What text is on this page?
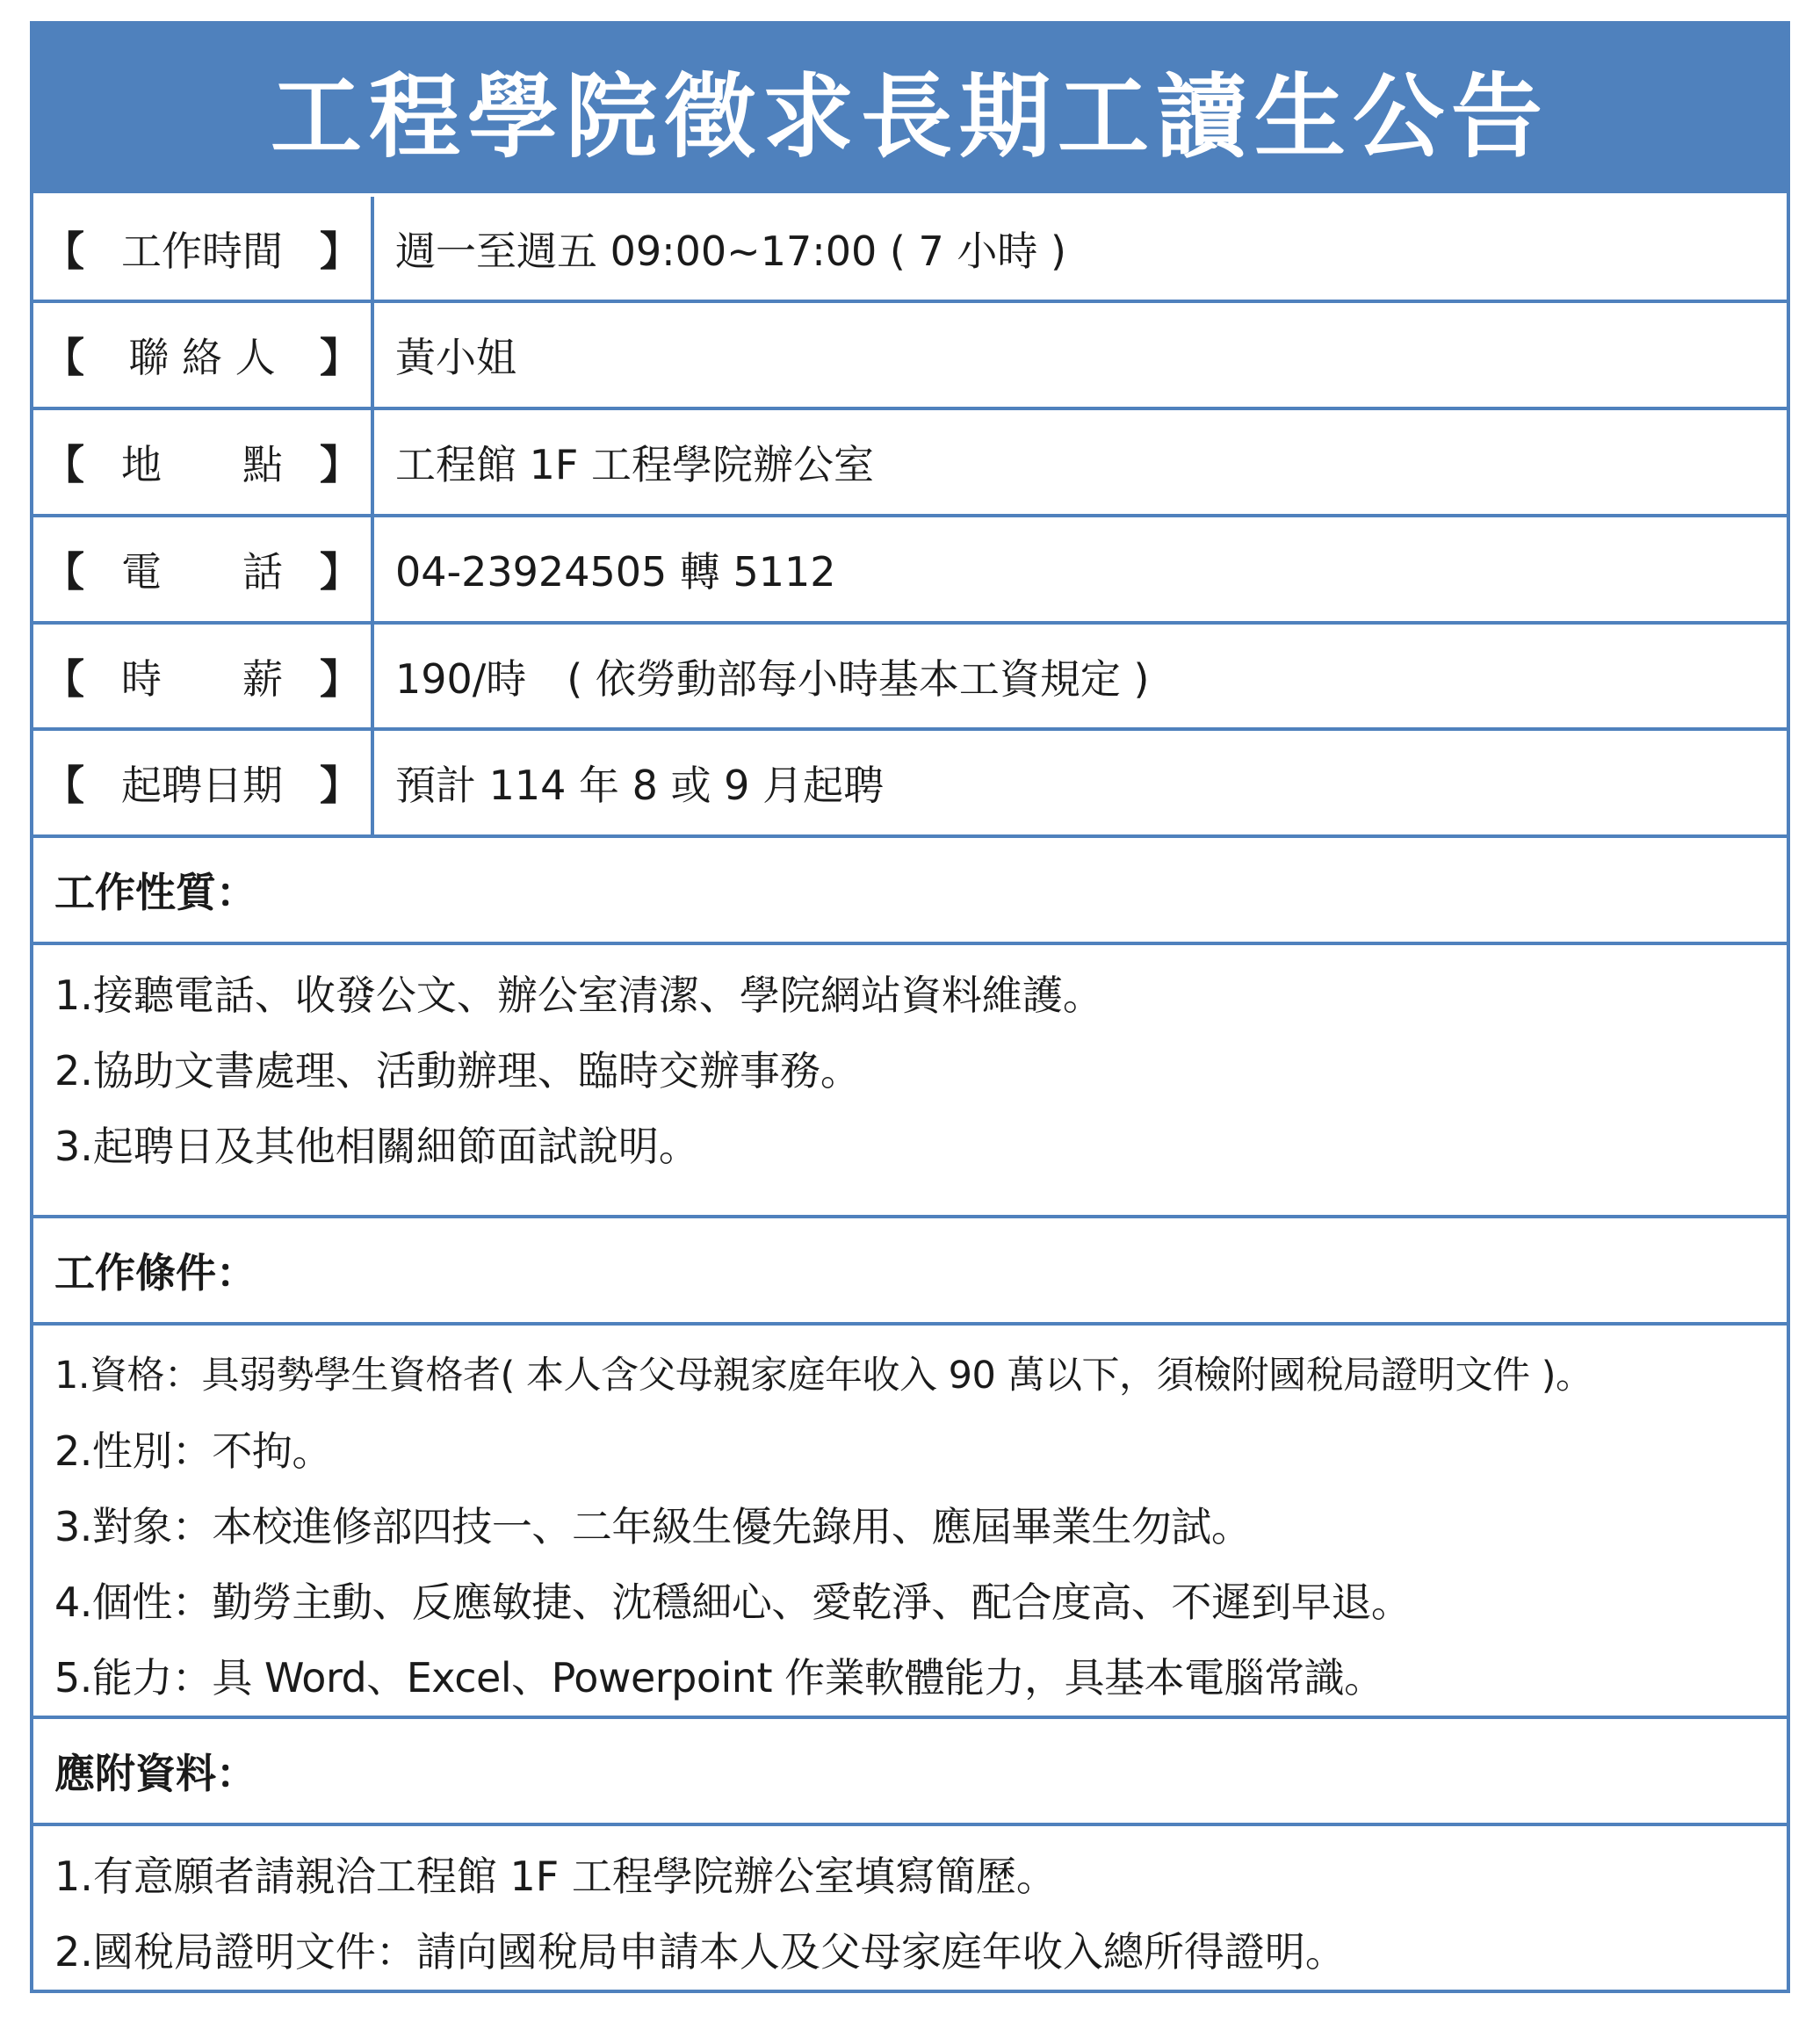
工程學院徵求長期工讀生公告
【 工作時間 】 週一至週五 09:00~17:00 ( 7 小時 )
【	聯 絡 人	】 黃小姐
【 地　　點 】 工程館 1F 工程學院辦公室
【 電　　話 】 04-23924505 轉 5112
【 時　　薪 】 190/時　( 依勞動部每小時基本工資規定 )
【 起聘日期 】 預計 114 年 8 或 9 月起聘
工作性質：
1.接聽電話、收發公文、辦公室清潔、學院網站資料維護。
2.協助文書處理、活動辦理、臨時交辦事務。
3.起聘日及其他相關細節面試說明。
工作條件：
1.資格：具弱勢學生資格者( 本人含父母親家庭年收入 90 萬以下，須檢附國稅局證明文件 )。
2.性別：不拘。
3.對象：本校進修部四技一、二年級生優先錄用、應屆畢業生勿試。
4.個性：勤勞主動、反應敏捷、沈穩細心、愛乾淨、配合度高、不遲到早退。
5.能力：具 Word、Excel、Powerpoint 作業軟體能力，具基本電腦常識。
應附資料：
1.有意願者請親洽工程館 1F 工程學院辦公室填寫簡歷。
2.國稅局證明文件：請向國稅局申請本人及父母家庭年收入總所得證明。
